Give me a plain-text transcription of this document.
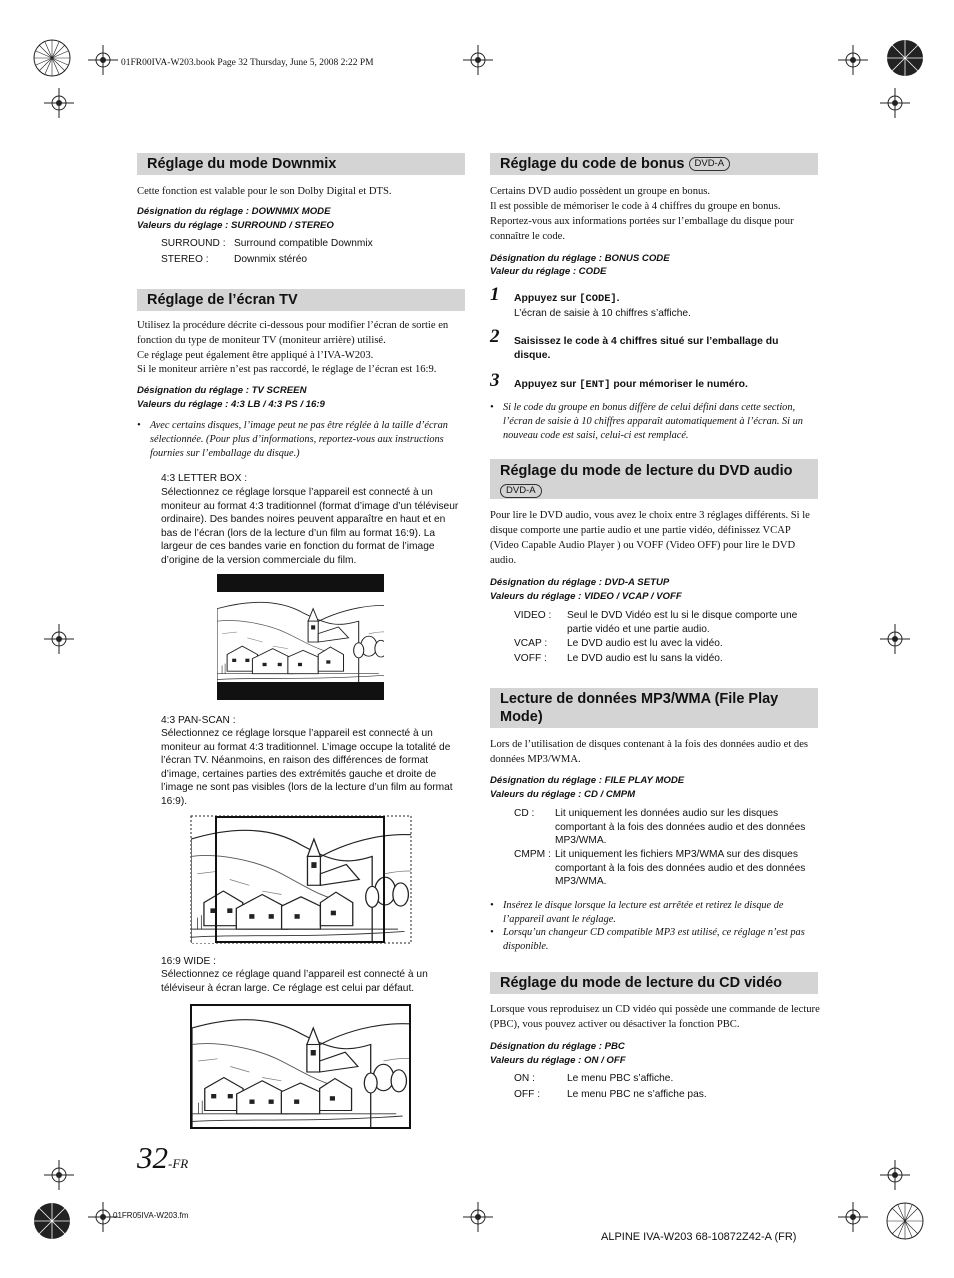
01FR00IVA-W203.book Page 32 Thursday, June 5, 2008 2:22 PM
Réglage du mode Downmix
Cette fonction est valable pour le son Dolby Digital et DTS.
Désignation du réglage : DOWNMIX MODE
Valeurs du réglage : SURROUND / STEREO
SURROUND : Surround compatible Downmix
STEREO : Downmix stéréo
Réglage de l’écran TV
Utilisez la procédure décrite ci-dessous pour modifier l’écran de sortie en fonction du type de moniteur TV (moniteur arrière) utilisé.
Ce réglage peut également être appliqué à l’IVA-W203.
Si le moniteur arrière n’est pas raccordé, le réglage de l’écran est 16:9.
Désignation du réglage : TV SCREEN
Valeurs du réglage : 4:3 LB / 4:3 PS / 16:9
• Avec certains disques, l’image peut ne pas être réglée à la taille d’écran sélectionnée. (Pour plus d’informations, reportez-vous aux instructions fournies sur l’emballage du disque.)
4:3 LETTER BOX :
Sélectionnez ce réglage lorsque l’appareil est connecté à un moniteur au format 4:3 traditionnel (format d’image d’un téléviseur ordinaire). Des bandes noires peuvent apparaître en haut et en bas de l’écran (lors de la lecture d’un film au format 16:9). La largeur de ces bandes varie en fonction du format de l’image d’origine de la version commerciale du film.
4:3 PAN-SCAN :
Sélectionnez ce réglage lorsque l’appareil est connecté à un moniteur au format 4:3 traditionnel. L’image occupe la totalité de l’écran TV. Néanmoins, en raison des différences de format d’image, certaines parties des extrémités gauche et droite de l’image ne sont pas visibles (lors de la lecture d’un film au format 16:9).
16:9 WIDE :
Sélectionnez ce réglage quand l’appareil est connecté à un téléviseur à écran large. Ce réglage est celui par défaut.
32 -FR
01FR05IVA-W203.fm
Réglage du code de bonus DVD-A
Certains DVD audio possèdent un groupe en bonus.
Il est possible de mémoriser le code à 4 chiffres du groupe en bonus. Reportez-vous aux informations portées sur l’emballage du disque pour connaître le code.
Désignation du réglage : BONUS CODE
Valeur du réglage : CODE
1 Appuyez sur [CODE].
L’écran de saisie à 10 chiffres s’affiche.
2 Saisissez le code à 4 chiffres situé sur l’emballage du disque.
3 Appuyez sur [ENT] pour mémoriser le numéro.
• Si le code du groupe en bonus diffère de celui défini dans cette section, l’écran de saisie à 10 chiffres apparaît automatiquement à l’écran. Si un nouveau code est saisi, celui-ci est remplacé.
Réglage du mode de lecture du DVD audio
DVD-A
Pour lire le DVD audio, vous avez le choix entre 3 réglages différents. Si le disque comporte une partie audio et une partie vidéo, définissez VCAP (Video Capable Audio Player ) ou VOFF (Video OFF) pour lire le DVD audio.
Désignation du réglage : DVD-A SETUP
Valeurs du réglage : VIDEO / VCAP / VOFF
VIDEO : Seul le DVD Vidéo est lu si le disque comporte une partie vidéo et une partie audio.
VCAP : Le DVD audio est lu avec la vidéo.
VOFF : Le DVD audio est lu sans la vidéo.
Lecture de données MP3/WMA (File Play Mode)
Lors de l’utilisation de disques contenant à la fois des données audio et des données MP3/WMA.
Désignation du réglage : FILE PLAY MODE
Valeurs du réglage : CD / CMPM
CD : Lit uniquement les données audio sur les disques comportant à la fois des données audio et des données MP3/WMA.
CMPM : Lit uniquement les fichiers MP3/WMA sur des disques comportant à la fois des données audio et des données MP3/WMA.
• Insérez le disque lorsque la lecture est arrêtée et retirez le disque de l’appareil avant le réglage.
• Lorsqu’un changeur CD compatible MP3 est utilisé, ce réglage n’est pas disponible.
Réglage du mode de lecture du CD vidéo
Lorsque vous reproduisez un CD vidéo qui possède une commande de lecture (PBC), vous pouvez activer ou désactiver la fonction PBC.
Désignation du réglage : PBC
Valeurs du réglage : ON / OFF
ON :	Le menu PBC s’affiche.
OFF :	Le menu PBC ne s’affiche pas.
ALPINE IVA-W203 68-10872Z42-A (FR)
